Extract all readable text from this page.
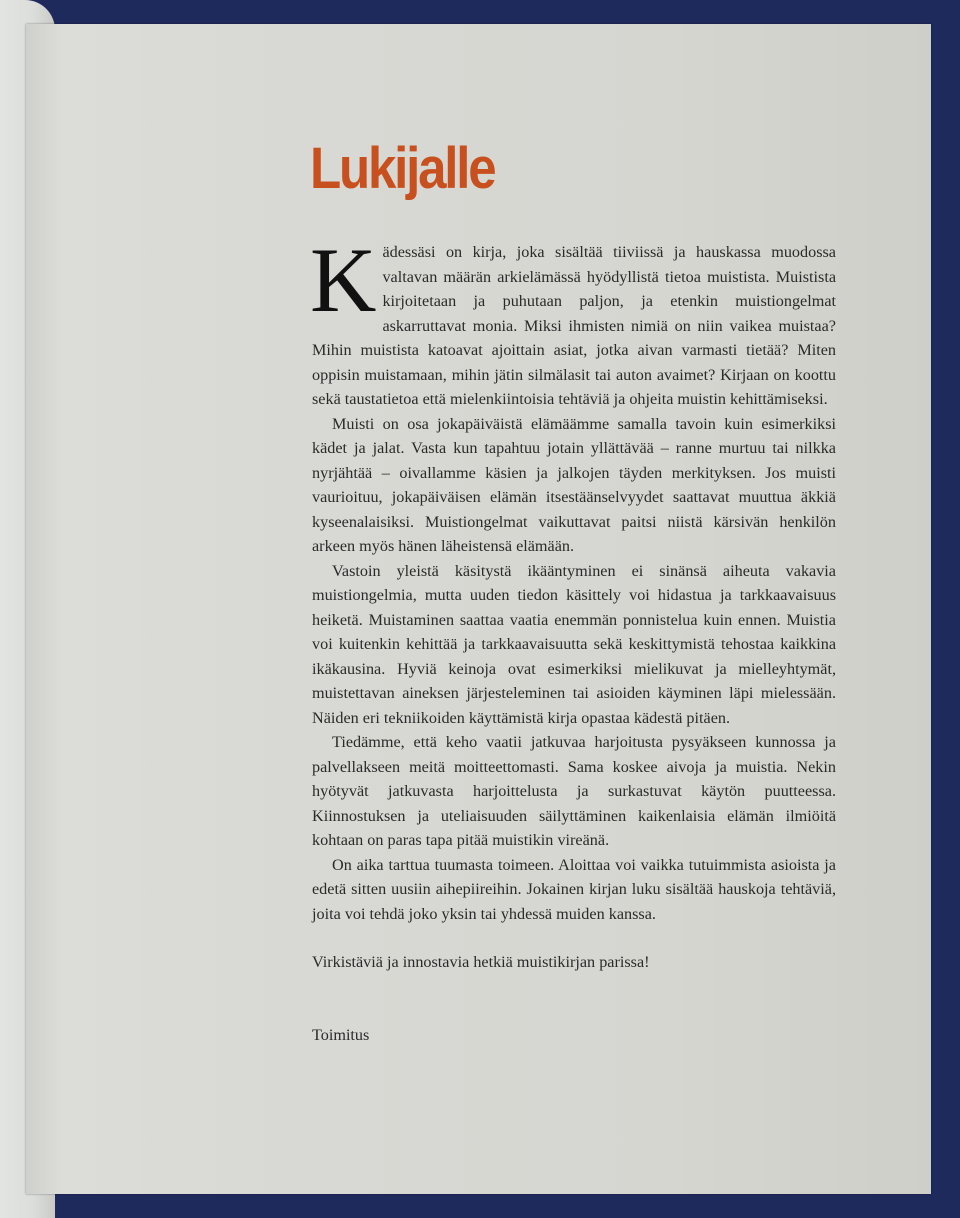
Lukijalle

Kädessäsi on kirja, joka sisältää tiiviissä ja hauskassa muodossa valtavan määrän arkielämässä hyödyllistä tietoa muistista. Muistista kirjoitetaan ja puhutaan paljon, ja etenkin muistiongelmat askarruttavat monia. Miksi ihmisten nimiä on niin vaikea muistaa? Mihin muistista katoavat ajoittain asiat, jotka aivan varmasti tietää? Miten oppisin muistamaan, mihin jätin silmälasit tai auton avaimet? Kirjaan on koottu sekä taustatietoa että mielenkiintoisia tehtäviä ja ohjeita muistin kehittämiseksi.

Muisti on osa jokapäiväistä elämäämme samalla tavoin kuin esimerkiksi kädet ja jalat. Vasta kun tapahtuu jotain yllättävää – ranne murtuu tai nilkka nyrjähtää – oivallamme käsien ja jalkojen täyden merkityksen. Jos muisti vaurioituu, jokapäiväisen elämän itsestäänselvyydet saattavat muuttua äkkiä kyseenalaisiksi. Muistiongelmat vaikuttavat paitsi niistä kärsivän henkilön arkeen myös hänen läheistensä elämään.

Vastoin yleistä käsitystä ikääntyminen ei sinänsä aiheuta vakavia muistiongelmia, mutta uuden tiedon käsittely voi hidastua ja tarkkaavaisuus heiketä. Muistaminen saattaa vaatia enemmän ponnistelua kuin ennen. Muistia voi kuitenkin kehittää ja tarkkaavaisuutta sekä keskittymistä tehostaa kaikkina ikäkausina. Hyviä keinoja ovat esimerkiksi mielikuvat ja mielleyhtymät, muistettavan aineksen järjesteleminen tai asioiden käyminen läpi mielessään. Näiden eri tekniikoiden käyttämistä kirja opastaa kädestä pitäen.

Tiedämme, että keho vaatii jatkuvaa harjoitusta pysyäkseen kunnossa ja palvellakseen meitä moitteettomasti. Sama koskee aivoja ja muistia. Nekin hyötyvät jatkuvasta harjoittelusta ja surkastuvat käytön puutteessa. Kiinnostuksen ja uteliaisuuden säilyttäminen kaikenlaisia elämän ilmiöitä kohtaan on paras tapa pitää muistikin vireänä.

On aika tarttua tuumasta toimeen. Aloittaa voi vaikka tutuimmista asioista ja edetä sitten uusiin aihepiireihin. Jokainen kirjan luku sisältää hauskoja tehtäviä, joita voi tehdä joko yksin tai yhdessä muiden kanssa.

Virkistäviä ja innostavia hetkiä muistikirjan parissa!

Toimitus
